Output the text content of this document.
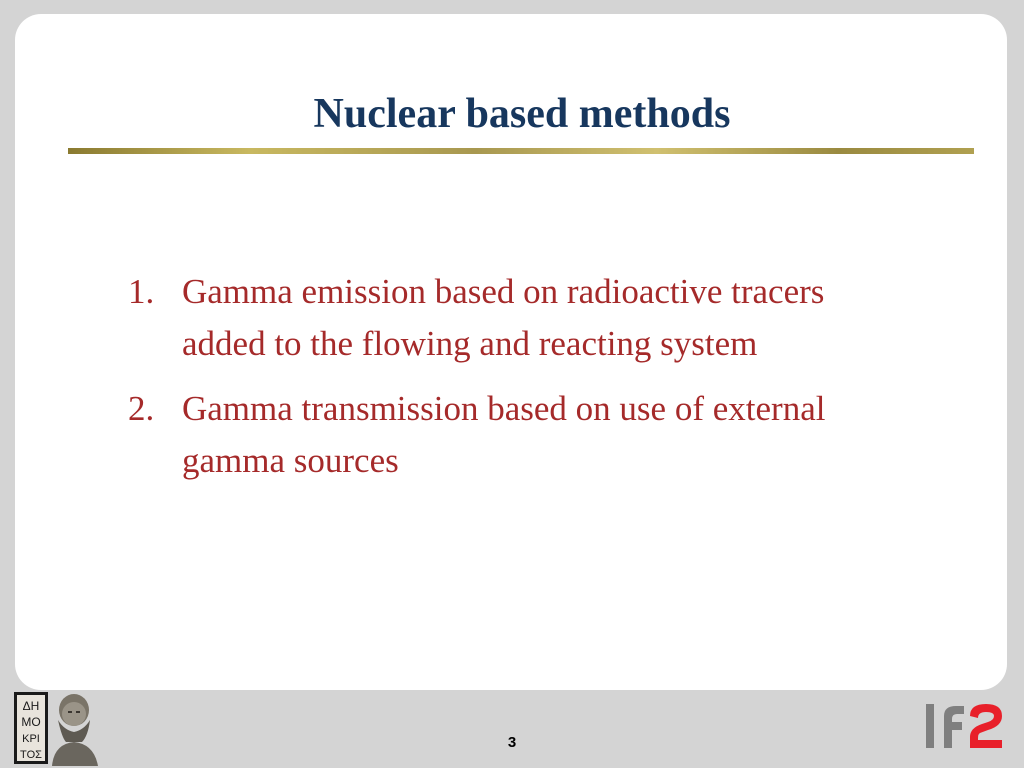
Nuclear based methods
1. Gamma emission based on radioactive tracers added to the flowing and reacting system
2. Gamma transmission based on use of external gamma sources
ΔΗ
ΜΟ
ΚΡΙ
ΤΟΣ
3
